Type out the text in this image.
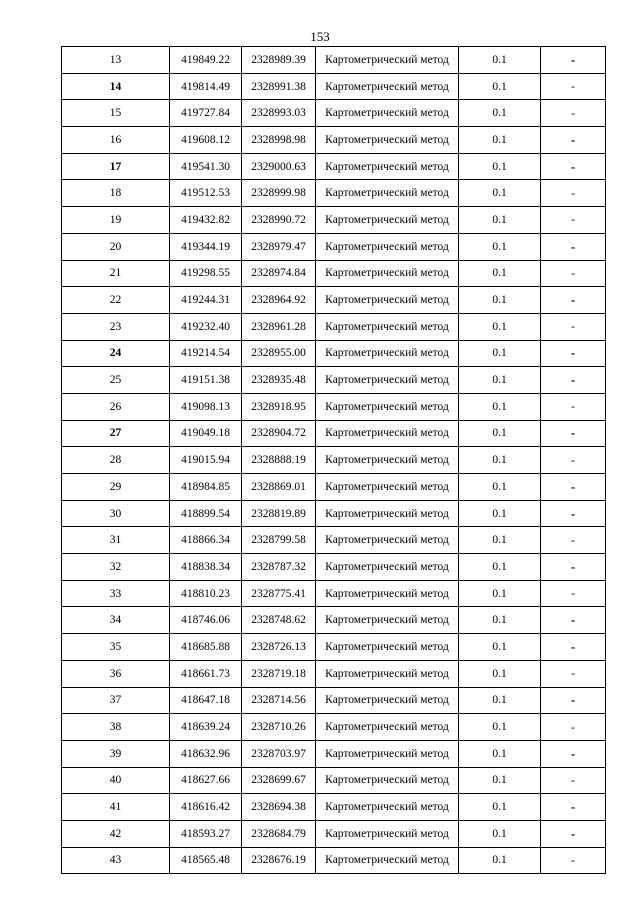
153
13	419849.22	2328989.39	Картометрический метод	0.1	-
14	419814.49	2328991.38	Картометрический метод	0.1	-
15	419727.84	2328993.03	Картометрический метод	0.1	-
16	419608.12	2328998.98	Картометрический метод	0.1	-
17	419541.30	2329000.63	Картометрический метод	0.1	-
18	419512.53	2328999.98	Картометрический метод	0.1	-
19	419432.82	2328990.72	Картометрический метод	0.1	-
20	419344.19	2328979.47	Картометрический метод	0.1	-
21	419298.55	2328974.84	Картометрический метод	0.1	-
22	419244.31	2328964.92	Картометрический метод	0.1	-
23	419232.40	2328961.28	Картометрический метод	0.1	-
24	419214.54	2328955.00	Картометрический метод	0.1	-
25	419151.38	2328935.48	Картометрический метод	0.1	-
26	419098.13	2328918.95	Картометрический метод	0.1	-
27	419049.18	2328904.72	Картометрический метод	0.1	-
28	419015.94	2328888.19	Картометрический метод	0.1	-
29	418984.85	2328869.01	Картометрический метод	0.1	-
30	418899.54	2328819.89	Картометрический метод	0.1	-
31	418866.34	2328799.58	Картометрический метод	0.1	-
32	418838.34	2328787.32	Картометрический метод	0.1	-
33	418810.23	2328775.41	Картометрический метод	0.1	-
34	418746.06	2328748.62	Картометрический метод	0.1	-
35	418685.88	2328726.13	Картометрический метод	0.1	-
36	418661.73	2328719.18	Картометрический метод	0.1	-
37	418647.18	2328714.56	Картометрический метод	0.1	-
38	418639.24	2328710.26	Картометрический метод	0.1	-
39	418632.96	2328703.97	Картометрический метод	0.1	-
40	418627.66	2328699.67	Картометрический метод	0.1	-
41	418616.42	2328694.38	Картометрический метод	0.1	-
42	418593.27	2328684.79	Картометрический метод	0.1	-
43	418565.48	2328676.19	Картометрический метод	0.1	-
